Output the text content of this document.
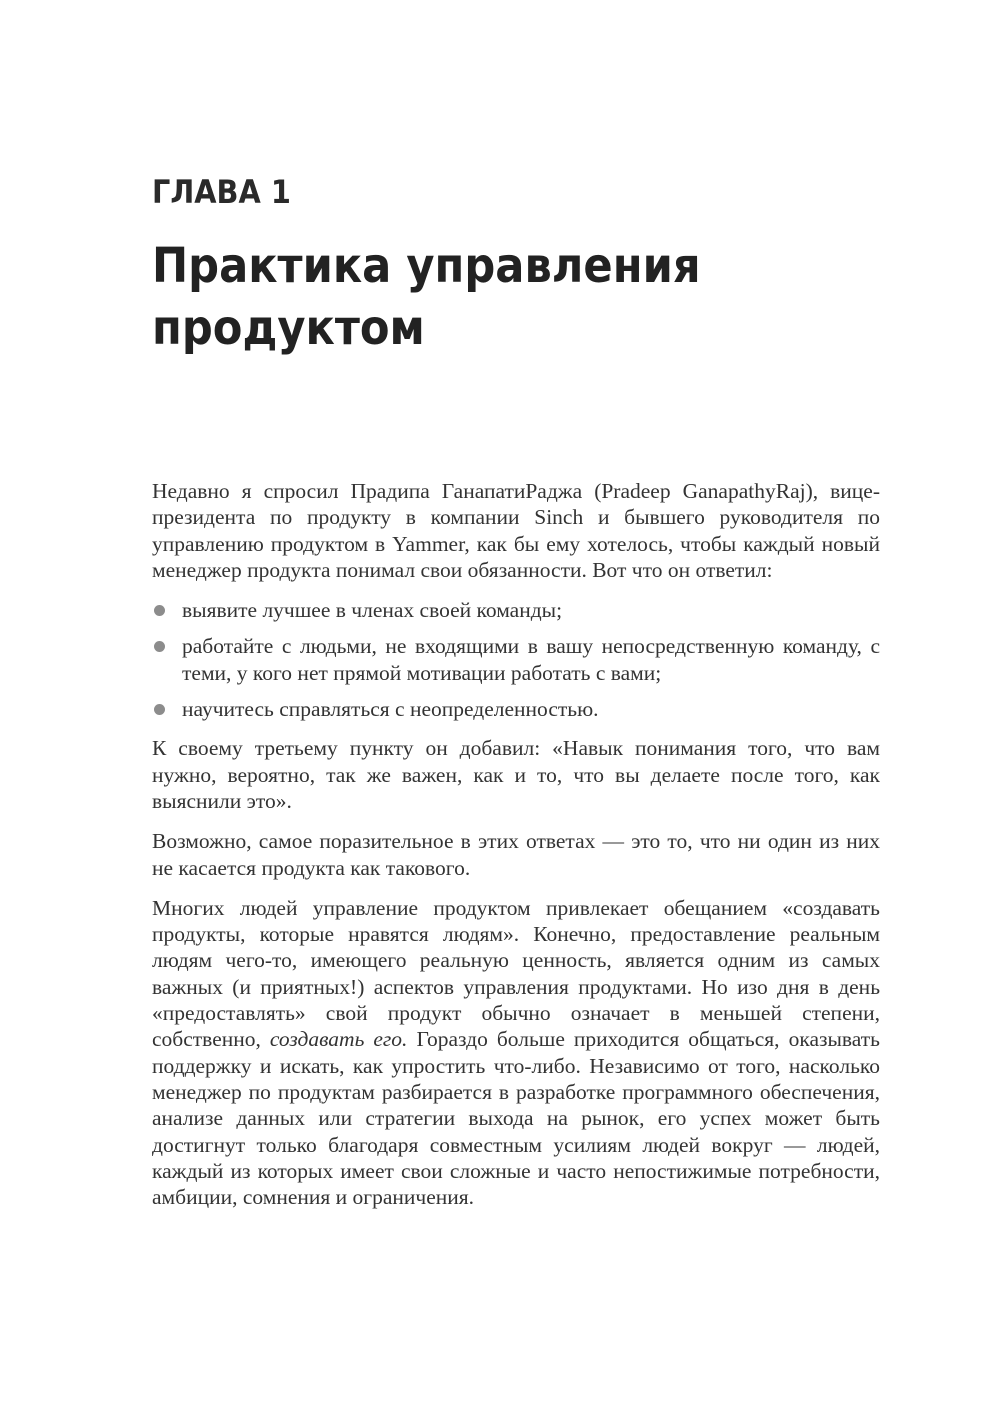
ГЛАВА 1
Практика управления
продуктом

Недавно я спросил Прадипа ГанапатиРаджа (Pradeep GanapathyRaj), вице-президента по продукту в компании Sinch и бывшего руководителя по управлению продуктом в Yammer, как бы ему хотелось, чтобы каждый новый менеджер продукта понимал свои обязанности. Вот что он ответил:

выявите лучшее в членах своей команды;
работайте с людьми, не входящими в вашу непосредственную команду, с теми, у кого нет прямой мотивации работать с вами;
научитесь справляться с неопределенностью.

К своему третьему пункту он добавил: «Навык понимания того, что вам нужно, вероятно, так же важен, как и то, что вы делаете после того, как выяснили это».

Возможно, самое поразительное в этих ответах — это то, что ни один из них не касается продукта как такового.

Многих людей управление продуктом привлекает обещанием «создавать продукты, которые нравятся людям». Конечно, предоставление реальным людям чего-то, имеющего реальную ценность, является одним из самых важных (и приятных!) аспектов управления продуктами. Но изо дня в день «предоставлять» свой продукт обычно означает в меньшей степени, собственно, создавать его. Гораздо больше приходится общаться, оказывать поддержку и искать, как упростить что-либо. Независимо от того, насколько менеджер по продуктам разбирается в разработке программного обеспечения, анализе данных или стратегии выхода на рынок, его успех может быть достигнут только благодаря совместным усилиям людей вокруг — людей, каждый из которых имеет свои сложные и часто непостижимые потребности, амбиции, сомнения и ограничения.
